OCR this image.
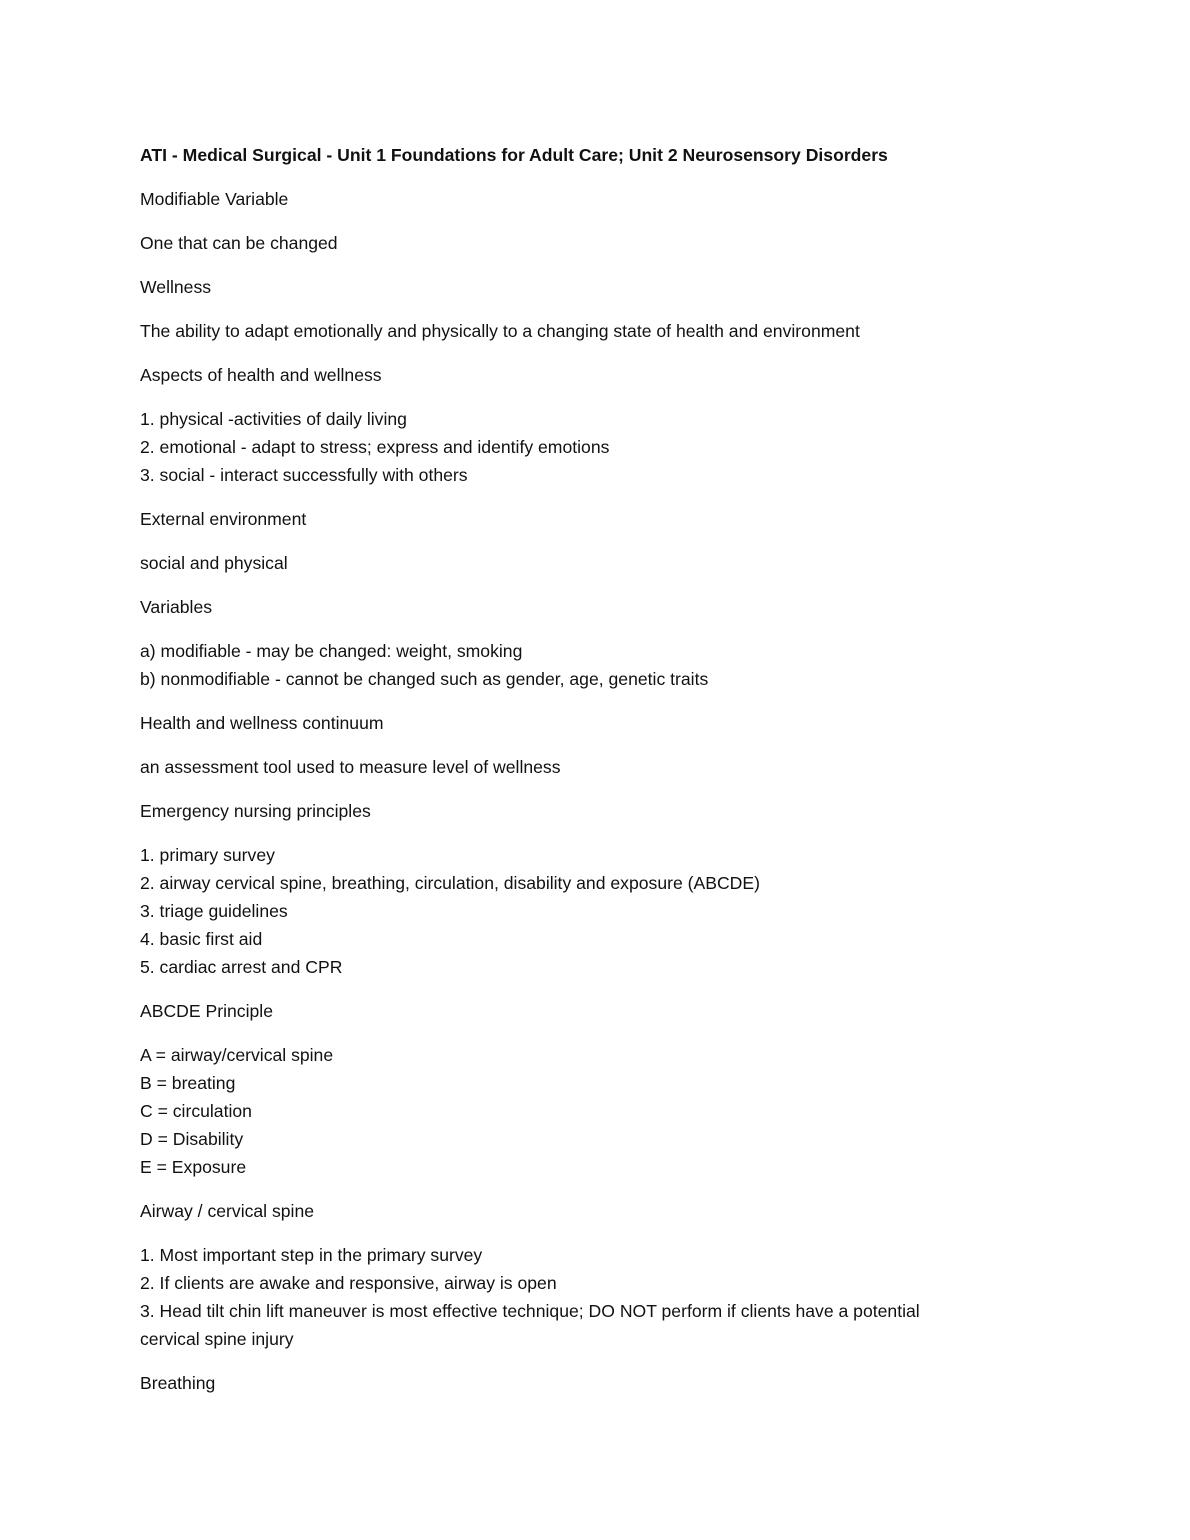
ATI - Medical Surgical - Unit 1 Foundations for Adult Care; Unit 2 Neurosensory Disorders
Modifiable Variable
One that can be changed
Wellness
The ability to adapt emotionally and physically to a changing state of health and environment
Aspects of health and wellness
1. physical -activities of daily living
2. emotional - adapt to stress; express and identify emotions
3. social - interact successfully with others
External environment
social and physical
Variables
a) modifiable - may be changed: weight, smoking
b) nonmodifiable - cannot be changed such as gender, age, genetic traits
Health and wellness continuum
an assessment tool used to measure level of wellness
Emergency nursing principles
1. primary survey
2. airway cervical spine, breathing, circulation, disability and exposure (ABCDE)
3. triage guidelines
4. basic first aid
5. cardiac arrest and CPR
ABCDE Principle
A = airway/cervical spine
B = breating
C = circulation
D = Disability
E = Exposure
Airway / cervical spine
1. Most important step in the primary survey
2. If clients are awake and responsive, airway is open
3. Head tilt chin lift maneuver is most effective technique; DO NOT perform if clients have a potential
cervical spine injury
Breathing
